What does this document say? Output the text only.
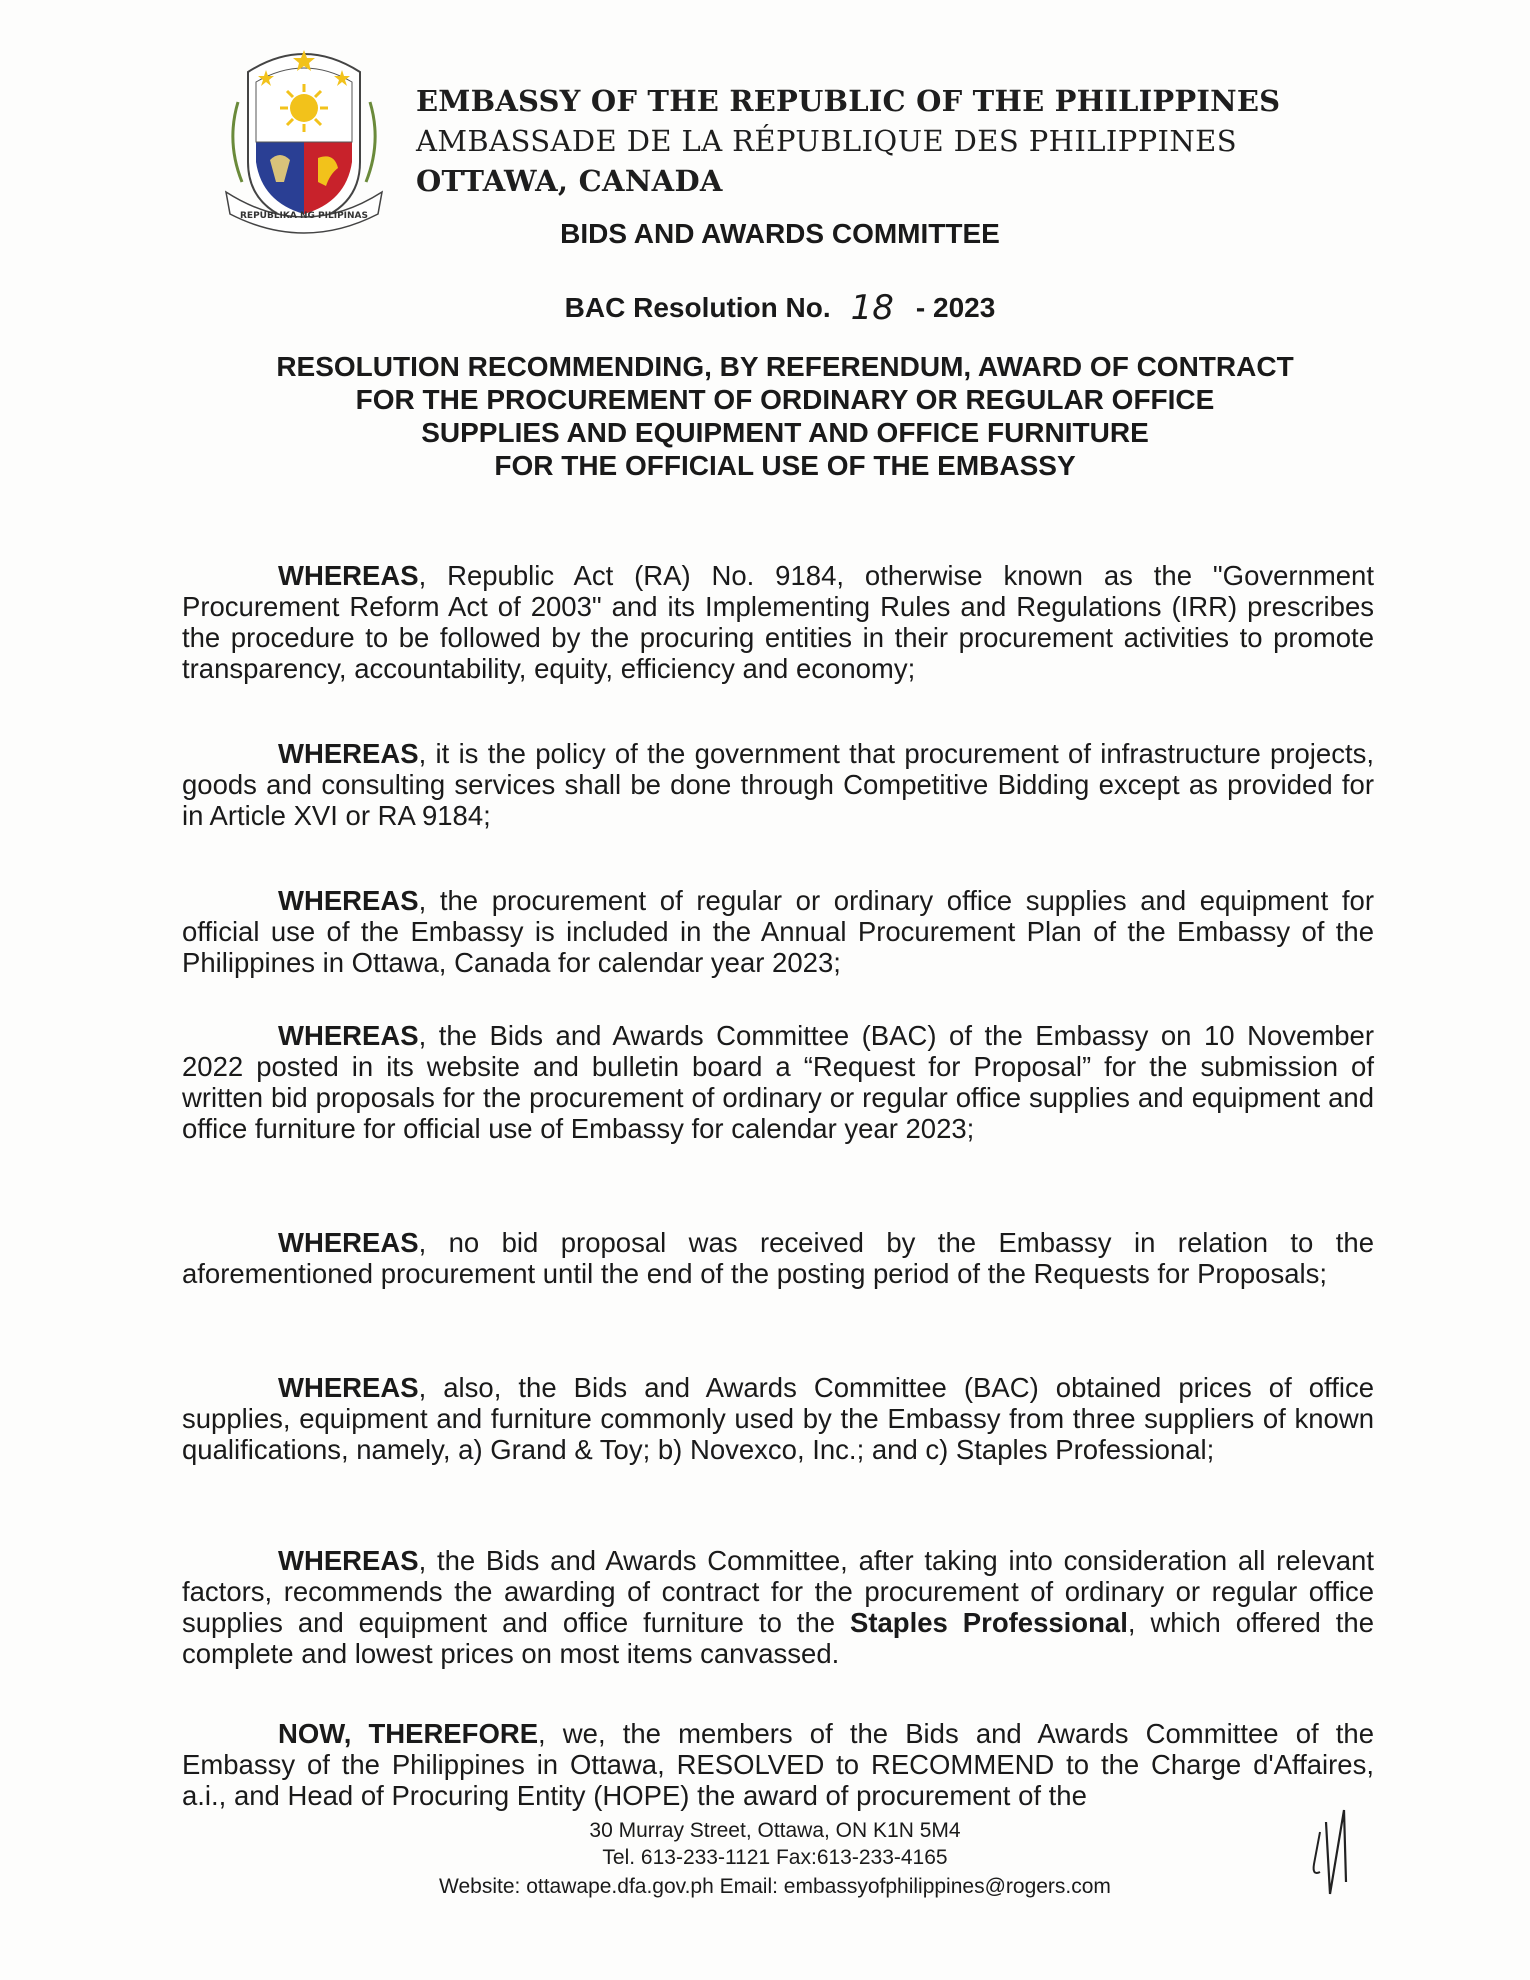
REPUBLIKA NG PILIPINAS
EMBASSY OF THE REPUBLIC OF THE PHILIPPINES
AMBASSADE DE LA RÉPUBLIQUE DES PHILIPPINES
OTTAWA, CANADA
BIDS AND AWARDS COMMITTEE
BAC Resolution No. 18 - 2023
RESOLUTION RECOMMENDING, BY REFERENDUM, AWARD OF CONTRACT
FOR THE PROCUREMENT OF ORDINARY OR REGULAR OFFICE
SUPPLIES AND EQUIPMENT AND OFFICE FURNITURE
FOR THE OFFICIAL USE OF THE EMBASSY
WHEREAS, Republic Act (RA) No. 9184, otherwise known as the "Government Procurement Reform Act of 2003" and its Implementing Rules and Regulations (IRR) prescribes the procedure to be followed by the procuring entities in their procurement activities to promote transparency, accountability, equity, efficiency and economy;
WHEREAS, it is the policy of the government that procurement of infrastructure projects, goods and consulting services shall be done through Competitive Bidding except as provided for in Article XVI or RA 9184;
WHEREAS, the procurement of regular or ordinary office supplies and equipment for official use of the Embassy is included in the Annual Procurement Plan of the Embassy of the Philippines in Ottawa, Canada for calendar year 2023;
WHEREAS, the Bids and Awards Committee (BAC) of the Embassy on 10 November 2022 posted in its website and bulletin board a “Request for Proposal” for the submission of written bid proposals for the procurement of ordinary or regular office supplies and equipment and office furniture for official use of Embassy for calendar year 2023;
WHEREAS, no bid proposal was received by the Embassy in relation to the aforementioned procurement until the end of the posting period of the Requests for Proposals;
WHEREAS, also, the Bids and Awards Committee (BAC) obtained prices of office supplies, equipment and furniture commonly used by the Embassy from three suppliers of known qualifications, namely, a) Grand & Toy; b) Novexco, Inc.; and c) Staples Professional;
WHEREAS, the Bids and Awards Committee, after taking into consideration all relevant factors, recommends the awarding of contract for the procurement of ordinary or regular office supplies and equipment and office furniture to the Staples Professional, which offered the complete and lowest prices on most items canvassed.
NOW, THEREFORE, we, the members of the Bids and Awards Committee of the Embassy of the Philippines in Ottawa, RESOLVED to RECOMMEND to the Charge d'Affaires, a.i., and Head of Procuring Entity (HOPE) the award of procurement of the
30 Murray Street, Ottawa, ON K1N 5M4
Tel. 613-233-1121 Fax:613-233-4165
Website: ottawape.dfa.gov.ph Email: embassyofphilippines@rogers.com
